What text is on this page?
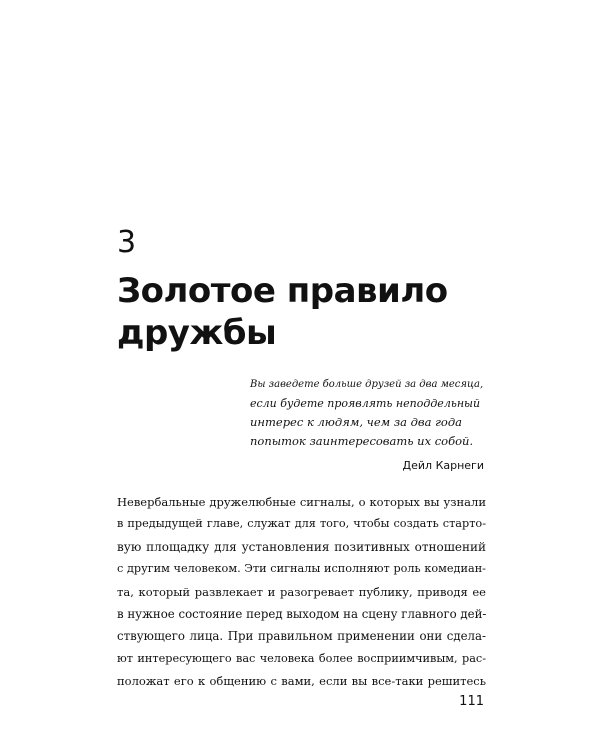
3
Золотое правило
дружбы
Вы заведете больше друзей за два месяца,
если будете проявлять неподдельный
интерес к людям, чем за два года
попыток заинтересовать их собой.
Дейл Карнеги
Невербальные дружелюбные сигналы, о которых вы узнали
в предыдущей главе, служат для того, чтобы создать старто-
вую площадку для установления позитивных отношений
с другим человеком. Эти сигналы исполняют роль комедиан-
та, который развлекает и разогревает публику, приводя ее
в нужное состояние перед выходом на сцену главного дей-
ствующего лица. При правильном применении они сдела-
ют интересующего вас человека более восприимчивым, рас-
положат его к общению с вами, если вы все-таки решитесь
111
